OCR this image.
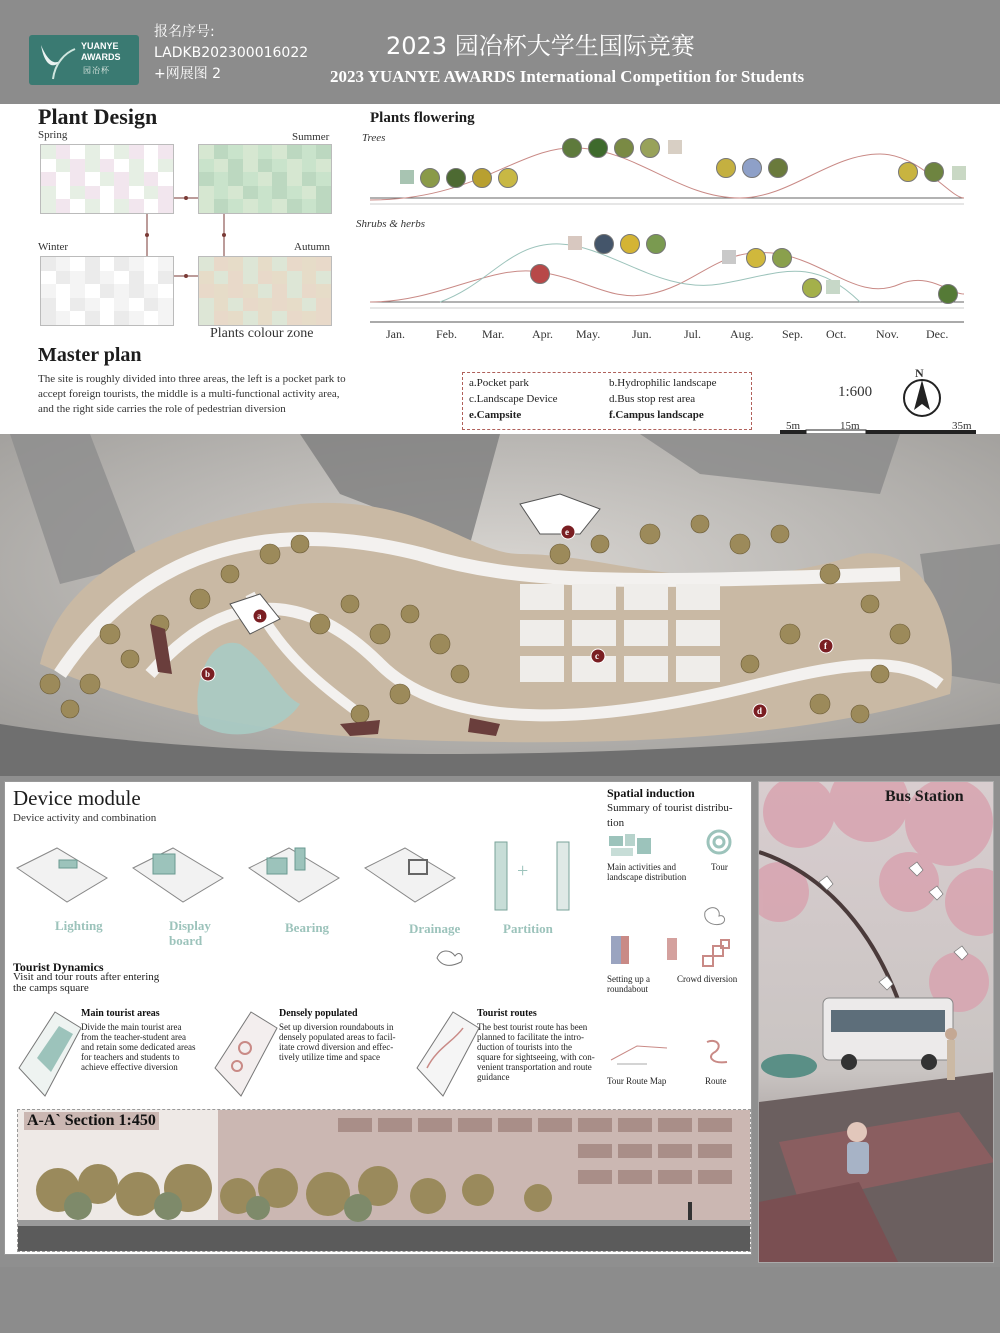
YUANYE
AWARDS
园冶杯
报名序号:
LADKB202300016022
+网展图 2
2023 园冶杯大学生国际竞赛
2023 YUANYE AWARDS International Competition for Students
Plant Design
Spring	Summer
Winter	Autumn
Plants colour zone
Plants flowering
Trees
Shrubs & herbs
Jan.	Feb. Mar. Apr. May.	Jun.	Jul. Aug. Sep. Oct. Nov. Dec.
Master plan
The site is roughly divided into three areas, the left is a pocket park to
accept foreign tourists, the middle is a multi-functional activity area,
and the right side carries the role of pedestrian diversion
a.Pocket park	b.Hydrophilic landscape
c.Landscape Device	d.Bus stop rest area
e.Campsite	f.Campus landscape
1:600
N
5m	15m	35m
a
b
c
d
e
f
Device module
Device activity and combination
+
Lighting	Display board
Bearing	Drainage	Partition
Tourist Dynamics
Visit and tour routs after entering
the camps square
Main tourist areas
Divide the main tourist area
from the teacher-student area
and retain some dedicated areas
for teachers and students to
achieve effective diversion
Densely populated
Set up diversion roundabouts in
densely populated areas to facil-
itate crowd diversion and effec-
tively utilize time and space
Tourist routes
The best tourist route has been
planned to facilitate the intro-
duction of tourists into the
square for sightseeing, with con-
venient transportation and route
guidance
Spatial induction
Summary of tourist distribu-
tion
Main activities and
landscape distribution
Tour
Setting up a
roundabout
Crowd diversion
Tour Route Map	Route
A-A` Section 1:450
Bus Station
